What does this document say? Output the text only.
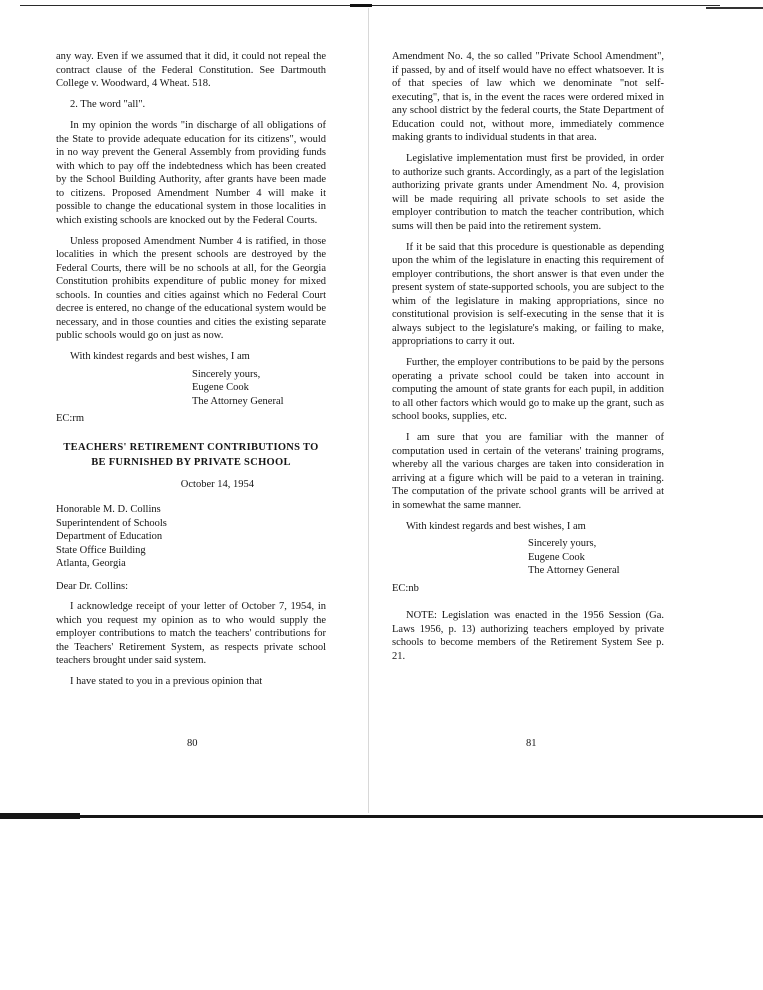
any way. Even if we assumed that it did, it could not repeal the contract clause of the Federal Constitution. See Dartmouth College v. Woodward, 4 Wheat. 518.

2. The word "all".

In my opinion the words "in discharge of all obligations of the State to provide adequate education for its citizens", would in no way prevent the General Assembly from providing funds with which to pay off the indebtedness which has been created by the School Building Authority, after grants have been made to citizens. Proposed Amendment Number 4 will make it possible to change the educational system in those localities in which existing schools are knocked out by the Federal Courts.

Unless proposed Amendment Number 4 is ratified, in those localities in which the present schools are destroyed by the Federal Courts, there will be no schools at all, for the Georgia Constitution prohibits expenditure of public money for mixed schools. In counties and cities against which no Federal Court decree is entered, no change of the educational system would be necessary, and in those counties and cities the existing separate public schools would go on just as now.

With kindest regards and best wishes, I am

Sincerely yours,
Eugene Cook
The Attorney General
EC:rm
TEACHERS' RETIREMENT CONTRIBUTIONS TO
BE FURNISHED BY PRIVATE SCHOOL
October 14, 1954
Honorable M. D. Collins
Superintendent of Schools
Department of Education
State Office Building
Atlanta, Georgia
Dear Dr. Collins:

I acknowledge receipt of your letter of October 7, 1954, in which you request my opinion as to who would supply the employer contributions to match the teachers' contributions for the Teachers' Retirement System, as respects private school teachers brought under said system.

I have stated to you in a previous opinion that

80

Amendment No. 4, the so called "Private School Amendment", if passed, by and of itself would have no effect whatsoever. It is of that species of law which we denominate "not self-executing", that is, in the event the races were ordered mixed in any school district by the federal courts, the State Department of Education could not, without more, immediately commence making grants to individual students in that area.

Legislative implementation must first be provided, in order to authorize such grants. Accordingly, as a part of the legislation authorizing private grants under Amendment No. 4, provision will be made requiring all private schools to set aside the employer contribution to match the teacher contribution, which sums will then be paid into the retirement system.

If it be said that this procedure is questionable as depending upon the whim of the legislature in enacting this requirement of employer contributions, the short answer is that even under the present system of state-supported schools, you are subject to the whim of the legislature in making appropriations, since no constitutional provision is self-executing in the sense that it is always subject to the legislature's making, or failing to make, appropriations to carry it out.

Further, the employer contributions to be paid by the persons operating a private school could be taken into account in computing the amount of state grants for each pupil, in addition to all other factors which would go to make up the grant, such as school books, supplies, etc.

I am sure that you are familiar with the manner of computation used in certain of the veterans' training programs, whereby all the various charges are taken into consideration in arriving at a figure which will be paid to a veteran in training. The computation of the private school grants will be arrived at in somewhat the same manner.

With kindest regards and best wishes, I am

Sincerely yours,
Eugene Cook
The Attorney General
EC:nb

NOTE: Legislation was enacted in the 1956 Session (Ga. Laws 1956, p. 13) authorizing teachers employed by private schools to become members of the Retirement System See p. 21.

81
